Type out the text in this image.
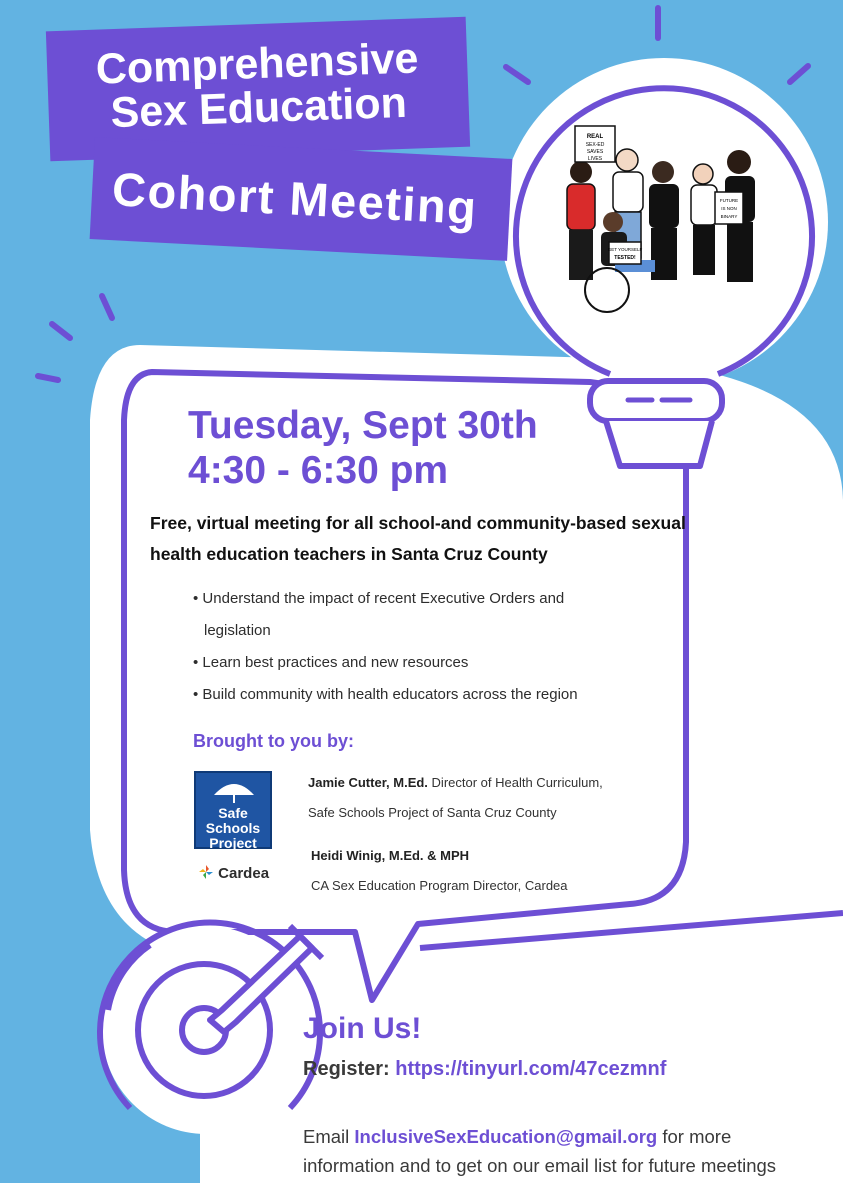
Comprehensive
Sex Education
Cohort Meeting
REAL
SEX-ED
SAVES
LIVES
GET YOURSELF
TESTED!
FUTURE
IS NON
BINARY
Tuesday, Sept 30th
4:30 - 6:30 pm
Free, virtual meeting for all school-and community-based sexual health education teachers in Santa Cruz County
• Understand the impact of recent Executive Orders and
legislation
• Learn best practices and new resources
• Build community with health educators across the region
Brought to you by:
Safe
Schools
Project
Cardea
Jamie Cutter, M.Ed. Director of Health Curriculum,
Safe Schools Project of Santa Cruz County
Heidi Winig, M.Ed. & MPH
CA Sex Education Program Director, Cardea
Join Us!
Register: https://tinyurl.com/47cezmnf
Email InclusiveSexEducation@gmail.org for more
information and to get on our email list for future meetings
